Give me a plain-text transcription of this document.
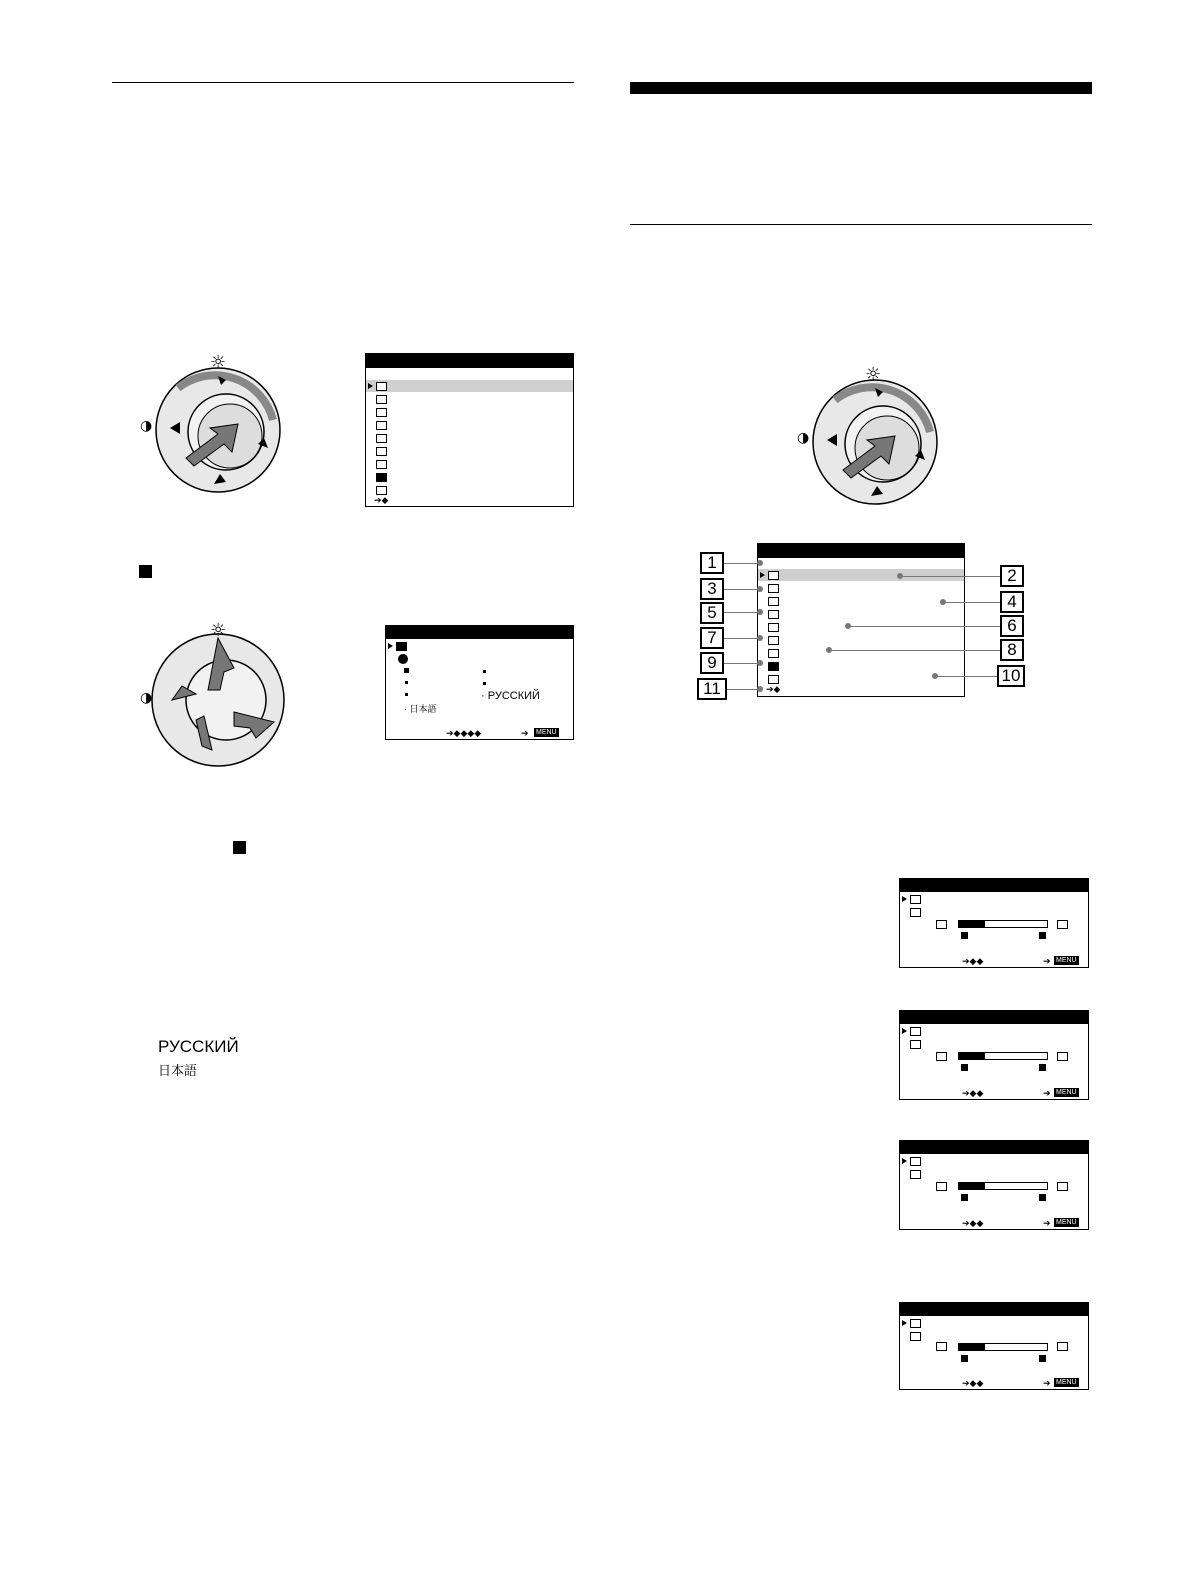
☼
◑
➔◆
☼
◑	· РУССКИЙ
· 日本語
➔◆◆◆◆	➔ MENU
РУССКИЙ
日本語
☼
◑
➔◆
1
2
3
4
5
6
7
8
9
10
11
➔◆◆	➔ MENU
➔◆◆	➔ MENU
➔◆◆	➔ MENU
➔◆◆	➔ MENU
